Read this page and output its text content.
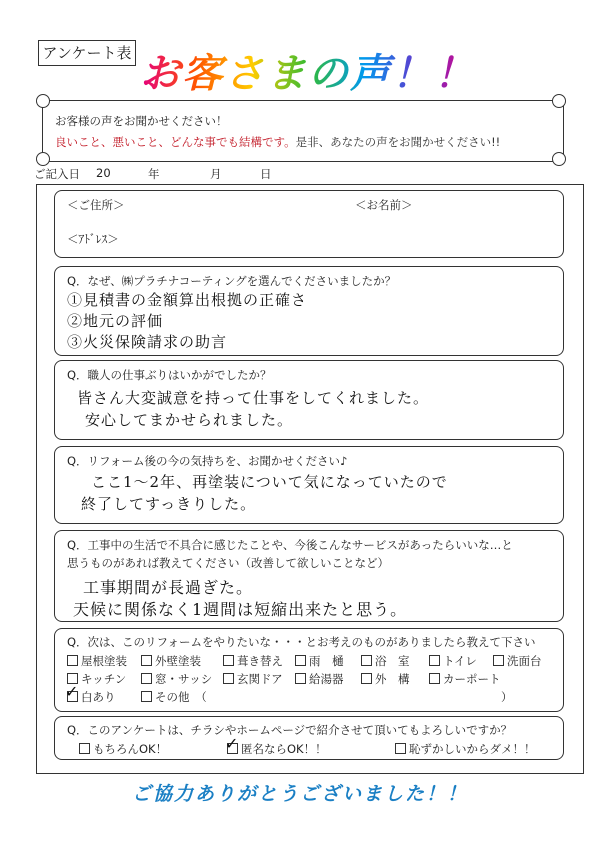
アンケート表 お客さまの声！！
お客様の声をお聞かせください！
良いこと、悪いこと、どんな事でも結構です。是非、あなたの声をお聞かせください!!
ご記入日 20	年	月	日
＜ご住所＞	＜お名前＞
＜ｱﾄﾞﾚｽ＞
Q．なぜ、㈱プラチナコーティングを選んでくださいましたか？
①見積書の金額算出根拠の正確さ
②地元の評価
③火災保険請求の助言
Q．職人の仕事ぶりはいかがでしたか？
皆さん大変誠意を持って仕事をしてくれました。
安心してまかせられました。
Q．リフォーム後の今の気持ちを、お聞かせください♪
ここ1〜2年、再塗装について気になっていたので
終了してすっきりした。
Q．工事中の生活で不具合に感じたことや、今後こんなサービスがあったらいいな…と
思うものがあれば教えてください（改善して欲しいことなど）
工事期間が長過ぎた。
天候に関係なく1週間は短縮出来たと思う。
Q．次は、このリフォームをやりたいな・・・とお考えのものがありましたら教えて下さい
屋根塗装	外壁塗装	葺き替え	雨　樋	浴　室	トイレ	洗面台
キッチン	窓・サッシ	玄関ドア	給湯器	外　構	カーポート
白あり	その他　（	）
✓
Q．このアンケートは、チラシやホームページで紹介させて頂いてもよろしいですか？
もちろんOK！	匿名ならOK！！	恥ずかしいからダメ！！
✓
ご協力ありがとうございました！！
